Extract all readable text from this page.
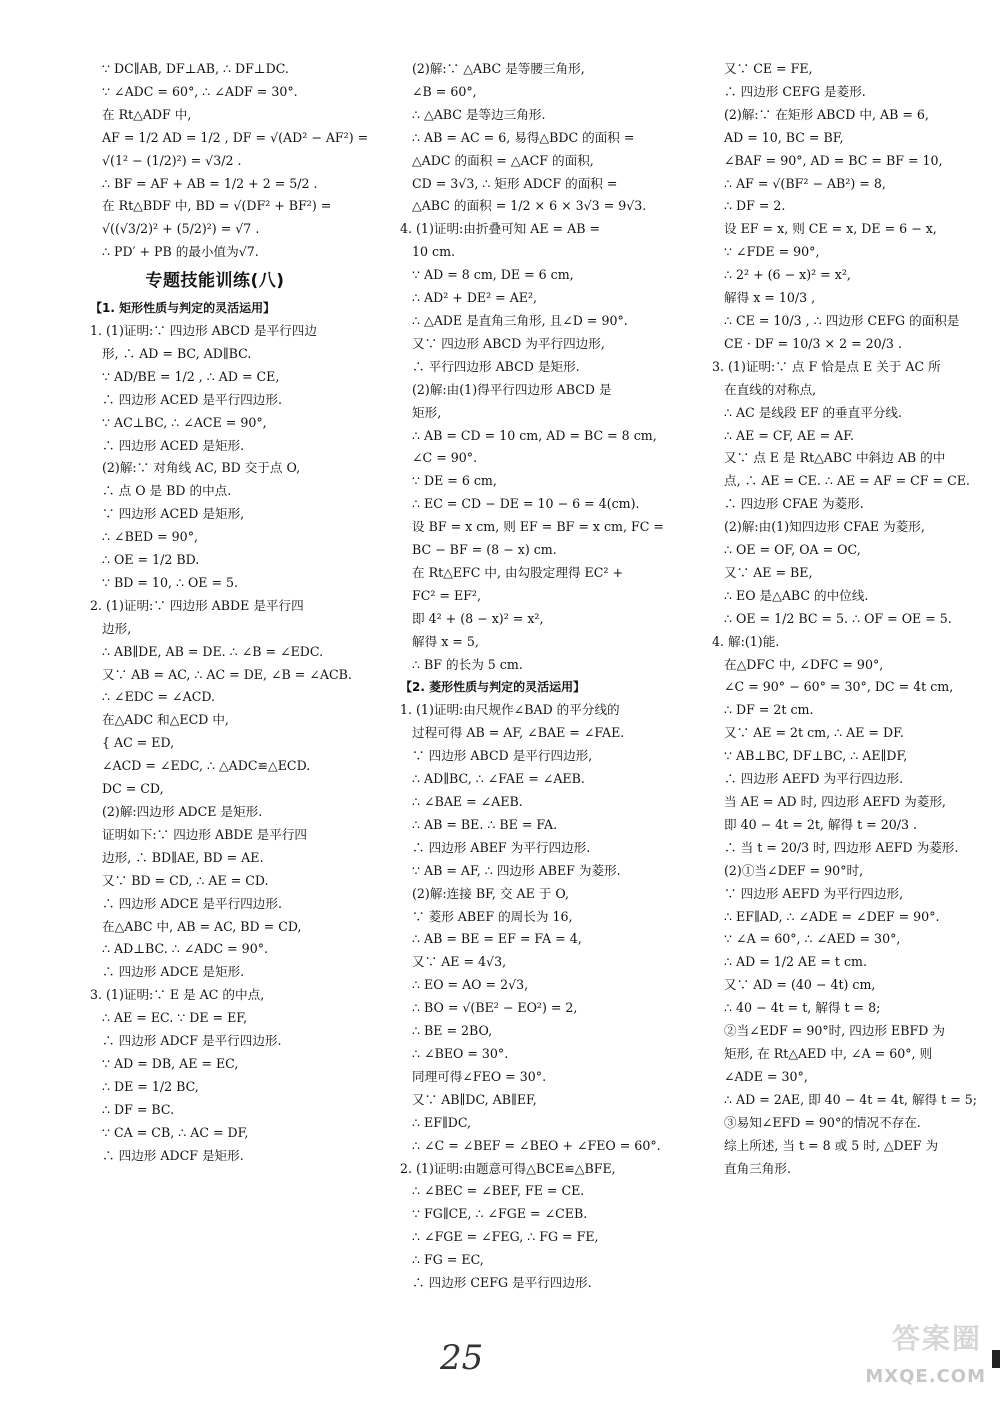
∵ DC∥AB, DF⊥AB, ∴ DF⊥DC.
∵ ∠ADC = 60°, ∴ ∠ADF = 30°.
在 Rt△ADF 中,
AF = 1/2 AD = 1/2 , DF = √(AD² − AF²) =
√(1² − (1/2)²) = √3/2 .
∴ BF = AF + AB = 1/2 + 2 = 5/2 .
在 Rt△BDF 中, BD = √(DF² + BF²) =
√((√3/2)² + (5/2)²) = √7 .
∴ PD′ + PB 的最小值为√7.
专题技能训练(八)
【1. 矩形性质与判定的灵活运用】
1. (1)证明:∵ 四边形 ABCD 是平行四边
形, ∴ AD = BC, AD∥BC.
∵ AD/BE = 1/2 , ∴ AD = CE,
∴ 四边形 ACED 是平行四边形.
∵ AC⊥BC, ∴ ∠ACE = 90°,
∴ 四边形 ACED 是矩形.
(2)解:∵ 对角线 AC, BD 交于点 O,
∴ 点 O 是 BD 的中点.
∵ 四边形 ACED 是矩形,
∴ ∠BED = 90°,
∴ OE = 1/2 BD.
∵ BD = 10, ∴ OE = 5.
2. (1)证明:∵ 四边形 ABDE 是平行四
边形,
∴ AB∥DE, AB = DE. ∴ ∠B = ∠EDC.
又∵ AB = AC, ∴ AC = DE, ∠B = ∠ACB.
∴ ∠EDC = ∠ACD.
在△ADC 和△ECD 中,
{ AC = ED,
∠ACD = ∠EDC, ∴ △ADC≌△ECD.
DC = CD,
(2)解:四边形 ADCE 是矩形.
证明如下:∵ 四边形 ABDE 是平行四
边形, ∴ BD∥AE, BD = AE.
又∵ BD = CD, ∴ AE = CD.
∴ 四边形 ADCE 是平行四边形.
在△ABC 中, AB = AC, BD = CD,
∴ AD⊥BC. ∴ ∠ADC = 90°.
∴ 四边形 ADCE 是矩形.
3. (1)证明:∵ E 是 AC 的中点,
∴ AE = EC. ∵ DE = EF,
∴ 四边形 ADCF 是平行四边形.
∵ AD = DB, AE = EC,
∴ DE = 1/2 BC,
∴ DF = BC.
∵ CA = CB, ∴ AC = DF,
∴ 四边形 ADCF 是矩形.
(2)解:∵ △ABC 是等腰三角形,
∠B = 60°,
∴ △ABC 是等边三角形.
∴ AB = AC = 6, 易得△BDC 的面积 =
△ADC 的面积 = △ACF 的面积,
CD = 3√3, ∴ 矩形 ADCF 的面积 =
△ABC 的面积 = 1/2 × 6 × 3√3 = 9√3.
4. (1)证明:由折叠可知 AE = AB =
10 cm.
∵ AD = 8 cm, DE = 6 cm,
∴ AD² + DE² = AE²,
∴ △ADE 是直角三角形, 且∠D = 90°.
又∵ 四边形 ABCD 为平行四边形,
∴ 平行四边形 ABCD 是矩形.
(2)解:由(1)得平行四边形 ABCD 是
矩形,
∴ AB = CD = 10 cm, AD = BC = 8 cm,
∠C = 90°.
∵ DE = 6 cm,
∴ EC = CD − DE = 10 − 6 = 4(cm).
设 BF = x cm, 则 EF = BF = x cm, FC =
BC − BF = (8 − x) cm.
在 Rt△EFC 中, 由勾股定理得 EC² +
FC² = EF²,
即 4² + (8 − x)² = x²,
解得 x = 5,
∴ BF 的长为 5 cm.
【2. 菱形性质与判定的灵活运用】
1. (1)证明:由尺规作∠BAD 的平分线的
过程可得 AB = AF, ∠BAE = ∠FAE.
∵ 四边形 ABCD 是平行四边形,
∴ AD∥BC, ∴ ∠FAE = ∠AEB.
∴ ∠BAE = ∠AEB.
∴ AB = BE. ∴ BE = FA.
∴ 四边形 ABEF 为平行四边形.
∵ AB = AF, ∴ 四边形 ABEF 为菱形.
(2)解:连接 BF, 交 AE 于 O,
∵ 菱形 ABEF 的周长为 16,
∴ AB = BE = EF = FA = 4,
又∵ AE = 4√3,
∴ EO = AO = 2√3,
∴ BO = √(BE² − EO²) = 2,
∴ BE = 2BO,
∴ ∠BEO = 30°.
同理可得∠FEO = 30°.
又∵ AB∥DC, AB∥EF,
∴ EF∥DC,
∴ ∠C = ∠BEF = ∠BEO + ∠FEO = 60°.
2. (1)证明:由题意可得△BCE≌△BFE,
∴ ∠BEC = ∠BEF, FE = CE.
∵ FG∥CE, ∴ ∠FGE = ∠CEB.
∴ ∠FGE = ∠FEG, ∴ FG = FE,
∴ FG = EC,
∴ 四边形 CEFG 是平行四边形.
又∵ CE = FE,
∴ 四边形 CEFG 是菱形.
(2)解:∵ 在矩形 ABCD 中, AB = 6,
AD = 10, BC = BF,
∠BAF = 90°, AD = BC = BF = 10,
∴ AF = √(BF² − AB²) = 8,
∴ DF = 2.
设 EF = x, 则 CE = x, DE = 6 − x,
∵ ∠FDE = 90°,
∴ 2² + (6 − x)² = x²,
解得 x = 10/3 ,
∴ CE = 10/3 , ∴ 四边形 CEFG 的面积是
CE · DF = 10/3 × 2 = 20/3 .
3. (1)证明:∵ 点 F 恰是点 E 关于 AC 所
在直线的对称点,
∴ AC 是线段 EF 的垂直平分线.
∴ AE = CF, AE = AF.
又∵ 点 E 是 Rt△ABC 中斜边 AB 的中
点, ∴ AE = CE. ∴ AE = AF = CF = CE.
∴ 四边形 CFAE 为菱形.
(2)解:由(1)知四边形 CFAE 为菱形,
∴ OE = OF, OA = OC,
又∵ AE = BE,
∴ EO 是△ABC 的中位线.
∴ OE = 1/2 BC = 5. ∴ OF = OE = 5.
4. 解:(1)能.
在△DFC 中, ∠DFC = 90°,
∠C = 90° − 60° = 30°, DC = 4t cm,
∴ DF = 2t cm.
又∵ AE = 2t cm, ∴ AE = DF.
∵ AB⊥BC, DF⊥BC, ∴ AE∥DF,
∴ 四边形 AEFD 为平行四边形.
当 AE = AD 时, 四边形 AEFD 为菱形,
即 40 − 4t = 2t, 解得 t = 20/3 .
∴ 当 t = 20/3 时, 四边形 AEFD 为菱形.
(2)①当∠DEF = 90°时,
∵ 四边形 AEFD 为平行四边形,
∴ EF∥AD, ∴ ∠ADE = ∠DEF = 90°.
∵ ∠A = 60°, ∴ ∠AED = 30°,
∴ AD = 1/2 AE = t cm.
又∵ AD = (40 − 4t) cm,
∴ 40 − 4t = t, 解得 t = 8;
②当∠EDF = 90°时, 四边形 EBFD 为
矩形, 在 Rt△AED 中, ∠A = 60°, 则
∠ADE = 30°,
∴ AD = 2AE, 即 40 − 4t = 4t, 解得 t = 5;
③易知∠EFD = 90°的情况不存在.
综上所述, 当 t = 8 或 5 时, △DEF 为
直角三角形.
25	答案圈
MXQE.COM
